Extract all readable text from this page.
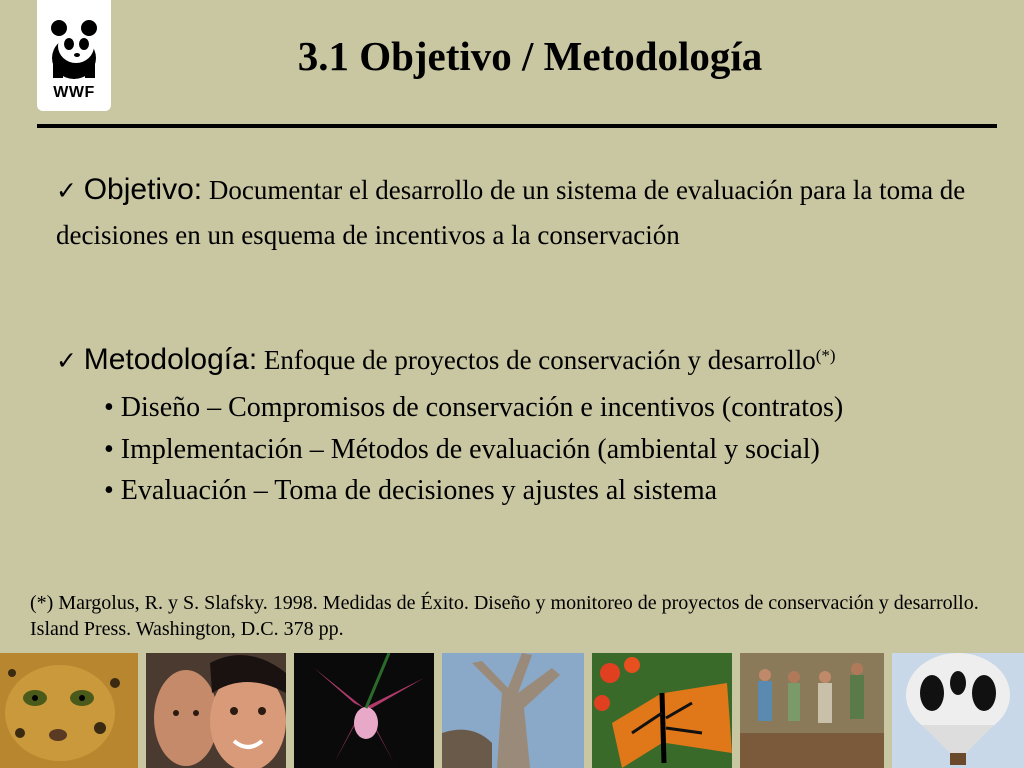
WWF
3.1 Objetivo / Metodología
✓ Objetivo: Documentar el desarrollo de un sistema de evaluación para la toma de decisiones en un esquema de incentivos a la conservación
✓ Metodología: Enfoque de proyectos de conservación y desarrollo(*)
• Diseño – Compromisos de conservación e incentivos (contratos)
• Implementación – Métodos de evaluación (ambiental y social)
• Evaluación – Toma de decisiones y ajustes al sistema
(*) Margolus, R. y S. Slafsky. 1998. Medidas de Éxito. Diseño y monitoreo de proyectos de conservación y desarrollo. Island Press. Washington, D.C. 378 pp.
